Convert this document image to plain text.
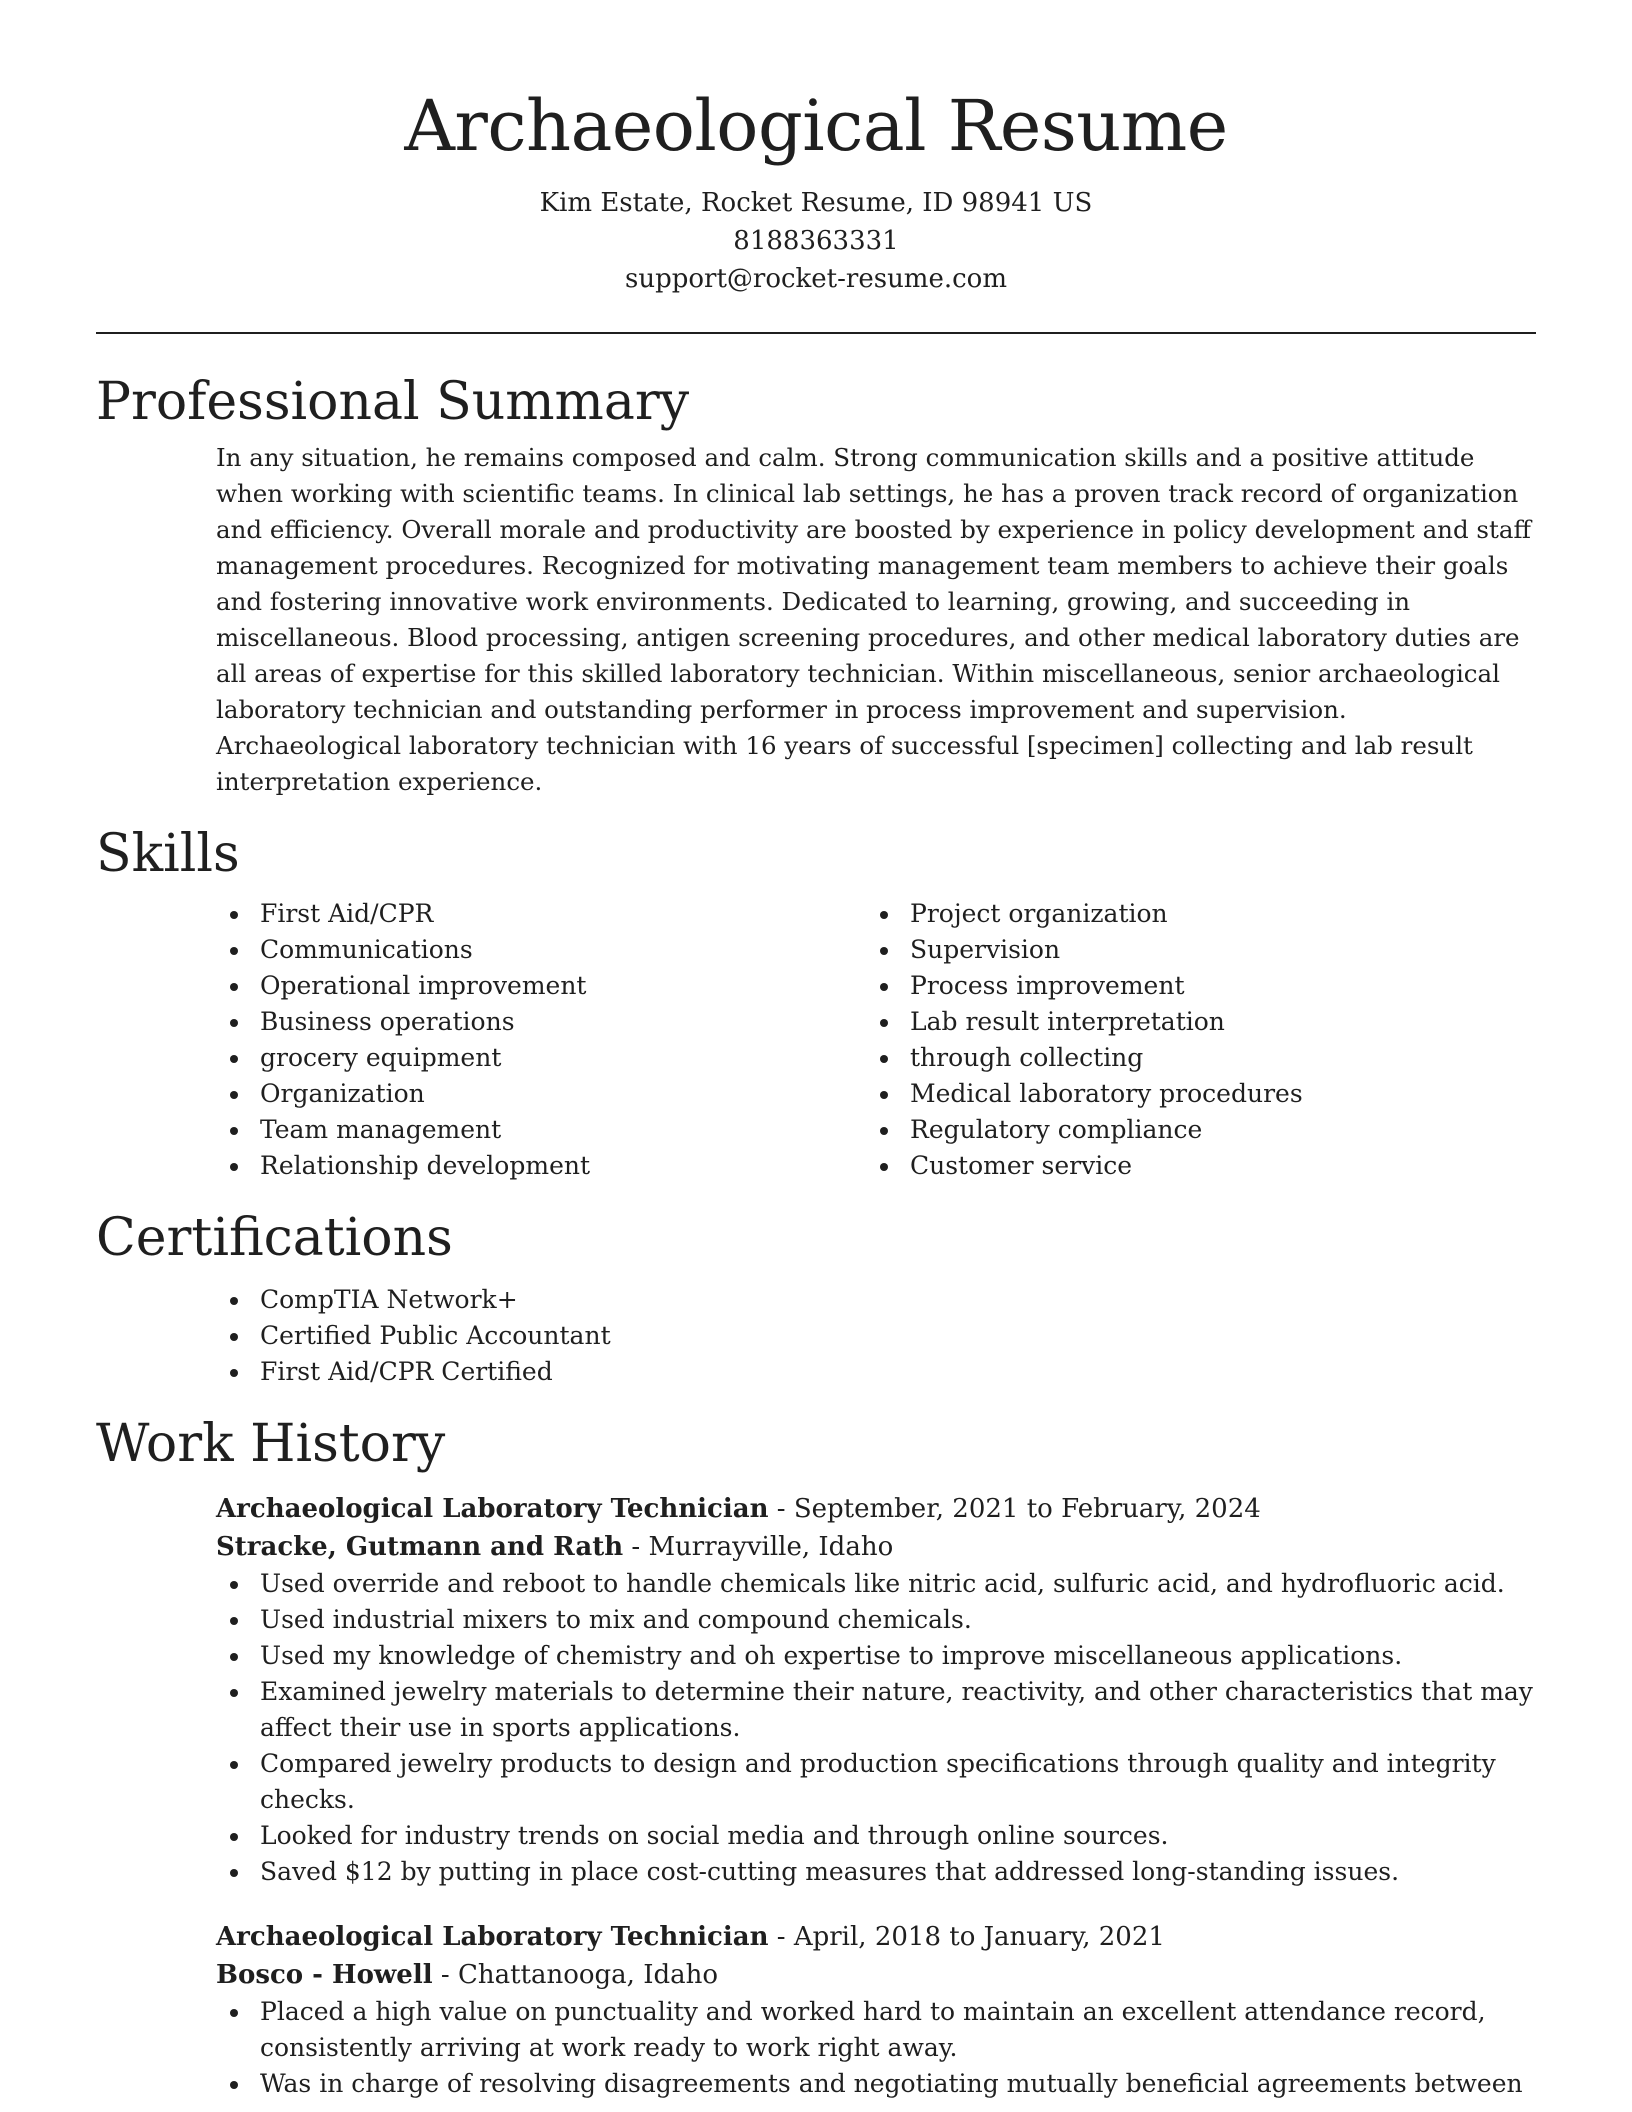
Archaeological Resume

Kim Estate, Rocket Resume, ID 98941 US

8188363331

support@rocket-resume.com

Professional Summary

In any situation, he remains composed and calm. Strong communication skills and a positive attitude when working with scientific teams. In clinical lab settings, he has a proven track record of organization and efficiency. Overall morale and productivity are boosted by experience in policy development and staff management procedures. Recognized for motivating management team members to achieve their goals and fostering innovative work environments. Dedicated to learning, growing, and succeeding in miscellaneous. Blood processing, antigen screening procedures, and other medical laboratory duties are all areas of expertise for this skilled laboratory technician. Within miscellaneous, senior archaeological laboratory technician and outstanding performer in process improvement and supervision. Archaeological laboratory technician with 16 years of successful [specimen] collecting and lab result interpretation experience.

Skills
First Aid/CPR
Communications
Operational improvement
Business operations
grocery equipment
Organization
Team management
Relationship development
Project organization
Supervision
Process improvement
Lab result interpretation
through collecting
Medical laboratory procedures
Regulatory compliance
Customer service
Certifications
CompTIA Network+
Certified Public Accountant
First Aid/CPR Certified
Work History

Archaeological Laboratory Technician - September, 2021 to February, 2024

Stracke, Gutmann and Rath - Murrayville, Idaho

Used override and reboot to handle chemicals like nitric acid, sulfuric acid, and hydrofluoric acid.
Used industrial mixers to mix and compound chemicals.
Used my knowledge of chemistry and oh expertise to improve miscellaneous applications.
Examined jewelry materials to determine their nature, reactivity, and other characteristics that may affect their use in sports applications.
Compared jewelry products to design and production specifications through quality and integrity checks.
Looked for industry trends on social media and through online sources.
Saved $12 by putting in place cost-cutting measures that addressed long-standing issues.

Archaeological Laboratory Technician - April, 2018 to January, 2021

Bosco - Howell - Chattanooga, Idaho

Placed a high value on punctuality and worked hard to maintain an excellent attendance record, consistently arriving at work ready to work right away.
Was in charge of resolving disagreements and negotiating mutually beneficial agreements between
